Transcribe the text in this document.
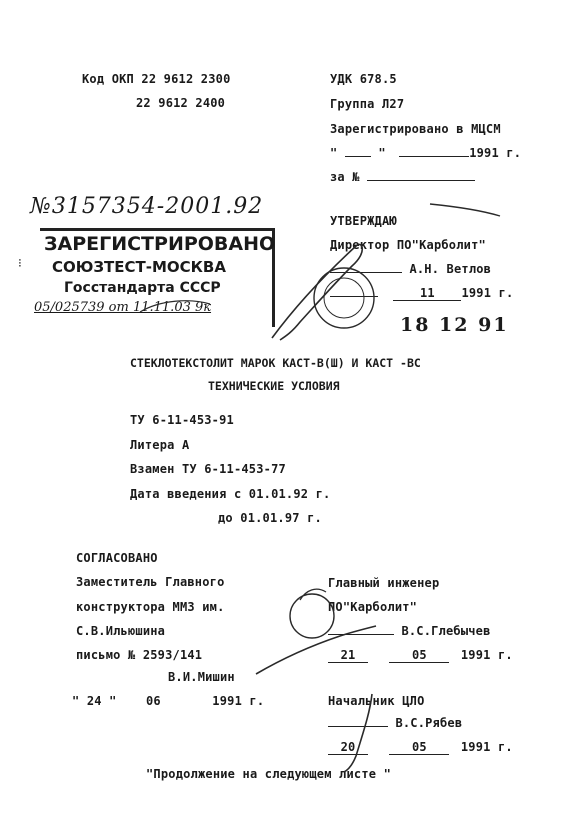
Код ОКП 22 9612 2300
22 9612 2400
УДК 678.5
Группа Л27
Зарегистрировано в МЦСМ
"	"	1991 г.
за №
№3157354-2001.92
ЗАРЕГИСТРИРОВАНО
СОЮЗТЕСТ-МОСКВА
Госстандарта СССР
05/025739 от 11.11.03 9к
⁝
УТВЕРЖДАЮ
Директор ПО"Карболит"
А.Н. Ветлов
11 1991 г.
18 12 91
СТЕКЛОТЕКСТОЛИТ МАРОК КАСТ-В(Ш) И КАСТ -ВС
ТЕХНИЧЕСКИЕ УСЛОВИЯ
ТУ 6-11-453-91
Литера А
Взамен ТУ 6-11-453-77
Дата введения с 01.01.92 г.
до 01.01.97 г.
СОГЛАСОВАНО
Заместитель Главного
конструктора ММЗ им.
С.В.Ильюшина
письмо № 2593/141
В.И.Мишин
" 24 " 06	1991 г.
Главный инженер
ПО"Карболит"
В.С.Глебычев
21	05	1991 г.
Начальник ЦЛО
В.С.Рябев
20	05	1991 г.
"Продолжение на следующем листе "
